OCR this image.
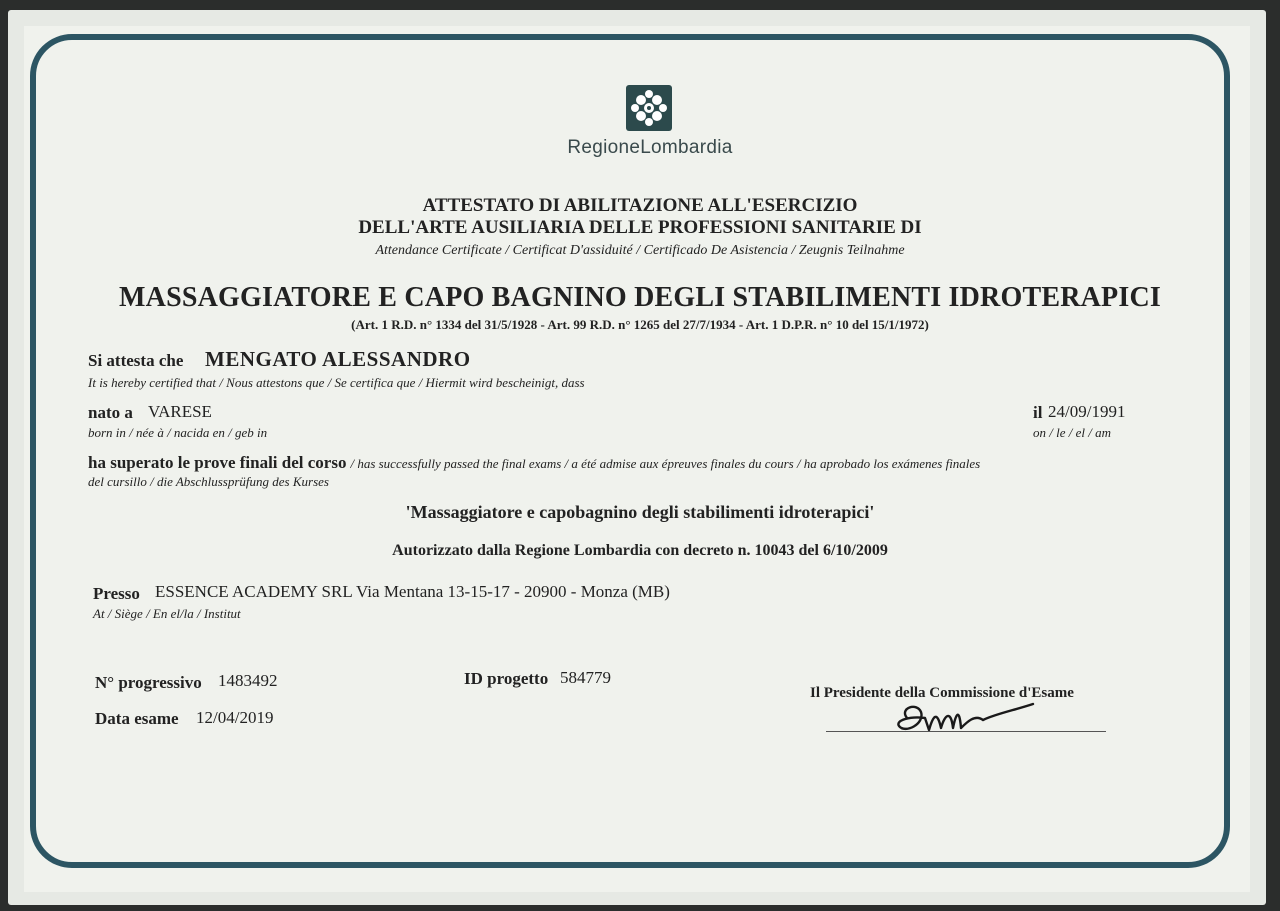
RegioneLombardia
ATTESTATO DI ABILITAZIONE ALL'ESERCIZIO
DELL'ARTE AUSILIARIA DELLE PROFESSIONI SANITARIE DI
Attendance Certificate / Certificat D'assiduité / Certificado De Asistencia / Zeugnis Teilnahme
MASSAGGIATORE E CAPO BAGNINO DEGLI STABILIMENTI IDROTERAPICI
(Art. 1 R.D. n° 1334 del 31/5/1928 - Art. 99 R.D. n° 1265 del 27/7/1934 - Art. 1 D.P.R. n° 10 del 15/1/1972)
Si attesta che MENGATO ALESSANDRO
It is hereby certified that / Nous attestons que / Se certifica que / Hiermit wird bescheinigt, dass
nato a VARESE
born in / née à / nacida en / geb in
il 24/09/1991
on / le / el / am
ha superato le prove finali del corso / has successfully passed the final exams / a été admise aux épreuves finales du cours / ha aprobado los exámenes finales
del cursillo / die Abschlussprüfung des Kurses
'Massaggiatore e capobagnino degli stabilimenti idroterapici'
Autorizzato dalla Regione Lombardia con decreto n. 10043 del 6/10/2009
Presso ESSENCE ACADEMY SRL Via Mentana 13-15-17 - 20900 - Monza (MB)
At / Siège / En el/la / Institut
N° progressivo 1483492	ID progetto 584779
Data esame 12/04/2019
Il Presidente della Commissione d'Esame
